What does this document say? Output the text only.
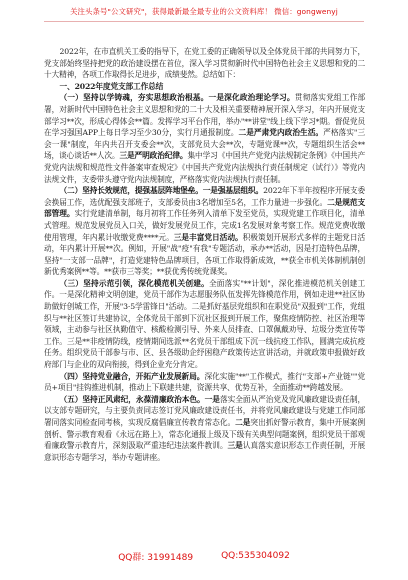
关注头条号"公文研究"，获得最新最全最专业的公文资料库！ 微信：gongwenyj

2022年，在市直机关工委的指导下，在党工委的正确领导以及全体党员干部的共同努力下，党支部始终坚持把党的政治建设摆在首位，深入学习贯彻新时代中国特色社会主义思想和党的二十大精神，各项工作取得长足进步，成绩斐然。总结如下：

一、2022年度党支部工作总结

（一）坚持以学铸魂，夯实思想政治根基。一是深化政治理论学习。贯彻落实党组工作部署，对新时代中国特色社会主义思想和党的二十大及相关重要精神展开深入学习，年内开展党支部学习**次，形成心得体会**篇。发挥学习平台作用，举办"**讲堂"线上线下学习*期。督促党员在学习强国APP上每日学习至少30分，实行月通报制度。二是严肃党内政治生活。严格落实"三会一课"制度，年内共召开支委会**次，支部党员大会**次，专题党课**次，专题组织生活会**场，谈心谈话**人次。三是严明政治纪律。集中学习《中国共产党党内法规制定条例》《中国共产党党内法规和规范性文件备案审查规定》《中国共产党党内法规执行责任制规定（试行）》等党内法规文件，支委带头遵守党内法规制度，严格落实党内法规执行责任制。

（二）坚持长效规范，提强基层阵地堡垒。一是强基层组织。2022年下半年按程序开展支委会换届工作，选优配强支部班子，支部委员由3名增加至5名，工作力量进一步强化。二是规范支部管理。实行党建清单制，每月初将工作任务列入清单下发至党员，实现党建工作项目化，清单式管理。规范发展党员入口关，做好发展党员工作，完成1名发展对象考察工作。规范党费收缴使用管理，年内累计收缴党费****元。三是丰富党日活动。积极策划开展形式多样的主题党日活动，年内累计开展**次。例如，开展"战"疫"有我"专题活动，承办**活动，因是打造特色品牌，坚持"一支部一品牌"，打造党建特色品牌项目，各项工作取得新成效，**获全市机关体制机制创新优秀案例**等。**获市三等奖；**获优秀传统党课奖。

（三）坚持示范引领，深化模范机关创建。全面落实"**计划"，深化推进模范机关创建工作。一是深化精神文明创建，党员干部作为志愿服务队伍发挥先锋模范作用，例如走进**社区协助做好创城工作，开展"3·5学雷锋日"活动。二是抓好基层党组织和在职党员"双报到"工作，党组织与**社区签订共建协议，全体党员干部到下沉社区报到开展工作，聚焦疫情防控、社区治理等领域，主动参与社区执勤值守、核酸检测引导、外来人员排查、口罩佩戴劝导、垃圾分类宣传等工作。三是**非疫情防线，疫情期间选派**名党员干部组成下沉一线抗疫工作队，圆满完成抗疫任务。组织党员干部参与市、区、县各级助企纾困稳产政策传达宣讲活动，并就政策申报做好政府部门与企业的双向衔接，得到企业充分肯定。

（四）坚持党业融合，开拓产业发展新局。深化实施"**"工作模式，推行"支部+产业链""党员+项目"挂钩推进机制，推动上下联建共建，资源共享、优势互补，全面推动**跨越发展。

（五）坚持正风肃纪，永葆清廉政治本色。一是落实全面从严治党及党风廉政建设责任制，以支部专题研究，与主要负责同志签订党风廉政建设责任书，并将党风廉政建设与党建工作同部署同落实同检查同考核，实现反腐倡廉宣传教育常态化。二是突出抓好警示教育，集中开展案例剖析、警示教育观看《永远在路上》，常态化通报上级及下级有关典型问题案例，组织党员干部观看廉政警示教育片，深刻汲取严重违纪违法案件教训。三是认真落实意识形态工作责任制，开展意识形态专题学习，举办专题讲座。

QQ群: 31991489	QQ:535304092
